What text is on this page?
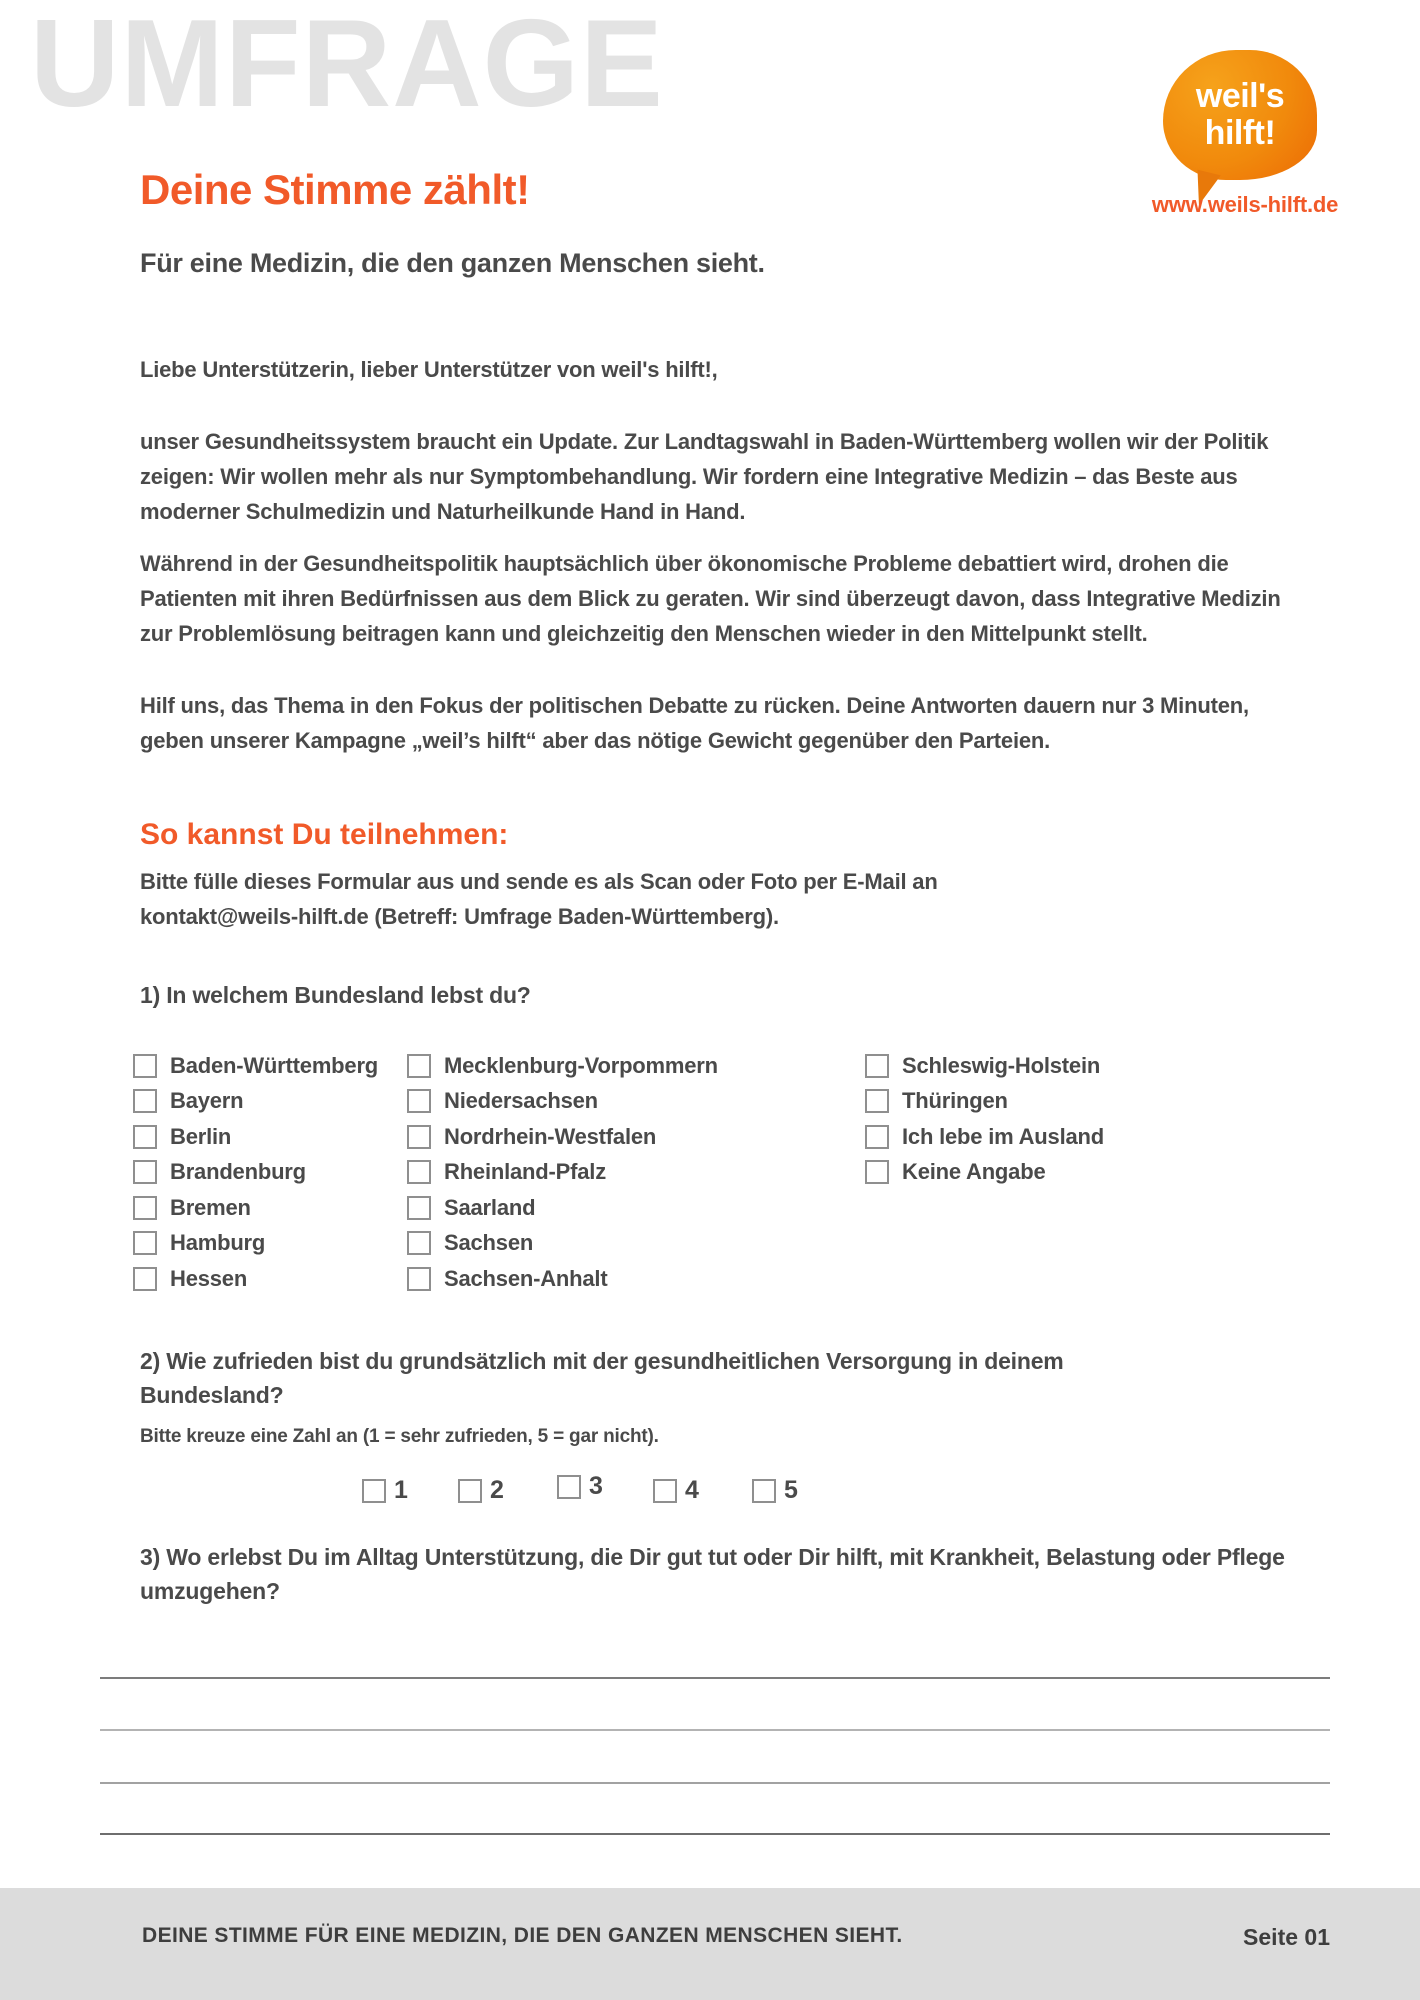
UMFRAGE	weil's
hilft!
www.weils-hilft.de
Deine Stimme zählt!
Für eine Medizin, die den ganzen Menschen sieht.
Liebe Unterstützerin, lieber Unterstützer von weil's hilft!,
unser Gesundheitssystem braucht ein Update. Zur Landtagswahl in Baden-Württemberg wollen wir der Politik zeigen: Wir wollen mehr als nur Symptombehandlung. Wir fordern eine Integrative Medizin – das Beste aus moderner Schulmedizin und Naturheilkunde Hand in Hand.
Während in der Gesundheitspolitik hauptsächlich über ökonomische Probleme debattiert wird, drohen die Patienten mit ihren Bedürfnissen aus dem Blick zu geraten. Wir sind überzeugt davon, dass Integrative Medizin zur Problemlösung beitragen kann und gleichzeitig den Menschen wieder in den Mittelpunkt stellt.
Hilf uns, das Thema in den Fokus der politischen Debatte zu rücken. Deine Antworten dauern nur 3 Minuten, geben unserer Kampagne „weil’s hilft“ aber das nötige Gewicht gegenüber den Parteien.
So kannst Du teilnehmen:
Bitte fülle dieses Formular aus und sende es als Scan oder Foto per E-Mail an kontakt@weils-hilft.de (Betreff: Umfrage Baden-Württemberg).
1) In welchem Bundesland lebst du?
Baden-Württemberg
Bayern
Berlin
Brandenburg
Bremen
Hamburg
Hessen
Mecklenburg-Vorpommern
Niedersachsen
Nordrhein-Westfalen
Rheinland-Pfalz
Saarland
Sachsen
Sachsen-Anhalt
Schleswig-Holstein
Thüringen
Ich lebe im Ausland
Keine Angabe
2) Wie zufrieden bist du grundsätzlich mit der gesundheitlichen Versorgung in deinem Bundesland?
Bitte kreuze eine Zahl an (1 = sehr zufrieden, 5 = gar nicht).
1	2	3	4	5
3) Wo erlebst Du im Alltag Unterstützung, die Dir gut tut oder Dir hilft, mit Krankheit, Belastung oder Pflege umzugehen?
DEINE STIMME FÜR EINE MEDIZIN, DIE DEN GANZEN MENSCHEN SIEHT.	Seite 01
